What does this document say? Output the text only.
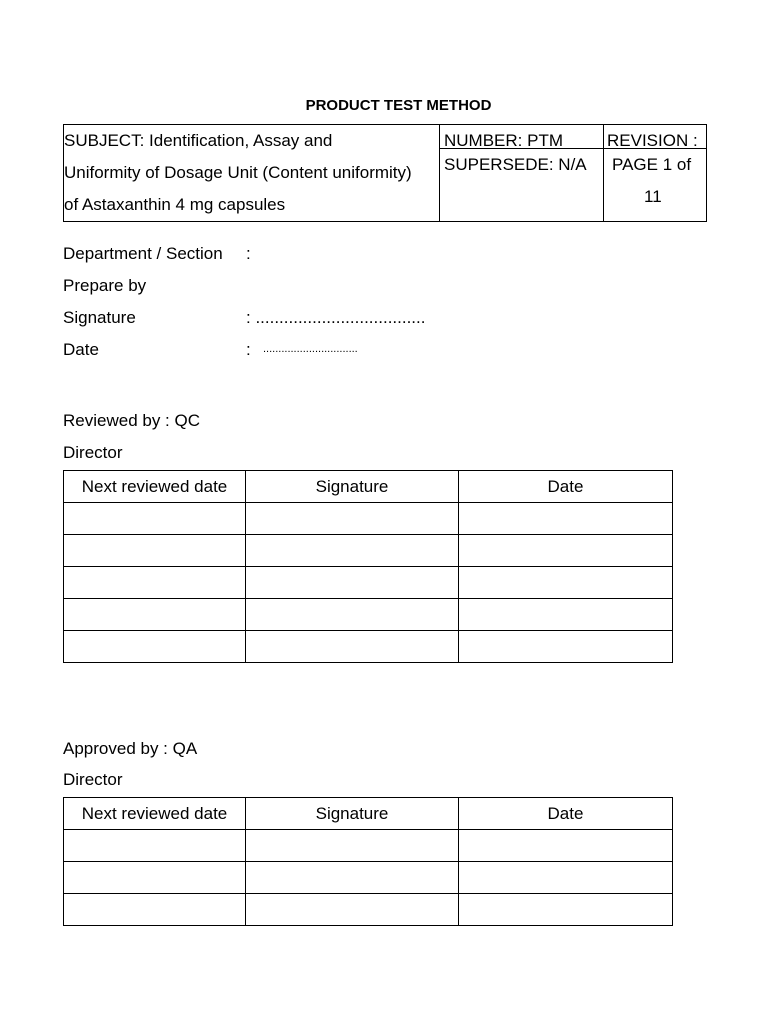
PRODUCT TEST METHOD
SUBJECT: Identification, Assay and
Uniformity of Dosage Unit (Content uniformity)
of Astaxanthin 4 mg capsules
NUMBER: PTM
SUPERSEDE: N/A
REVISION :
PAGE 1 of
11
Department / Section :
Prepare by
Signature	: ....................................
Date	: ...............................
Reviewed by : QC
Director
Next reviewed date	Signature	Date

Approved by : QA
Director
Next reviewed date	Signature	Date
